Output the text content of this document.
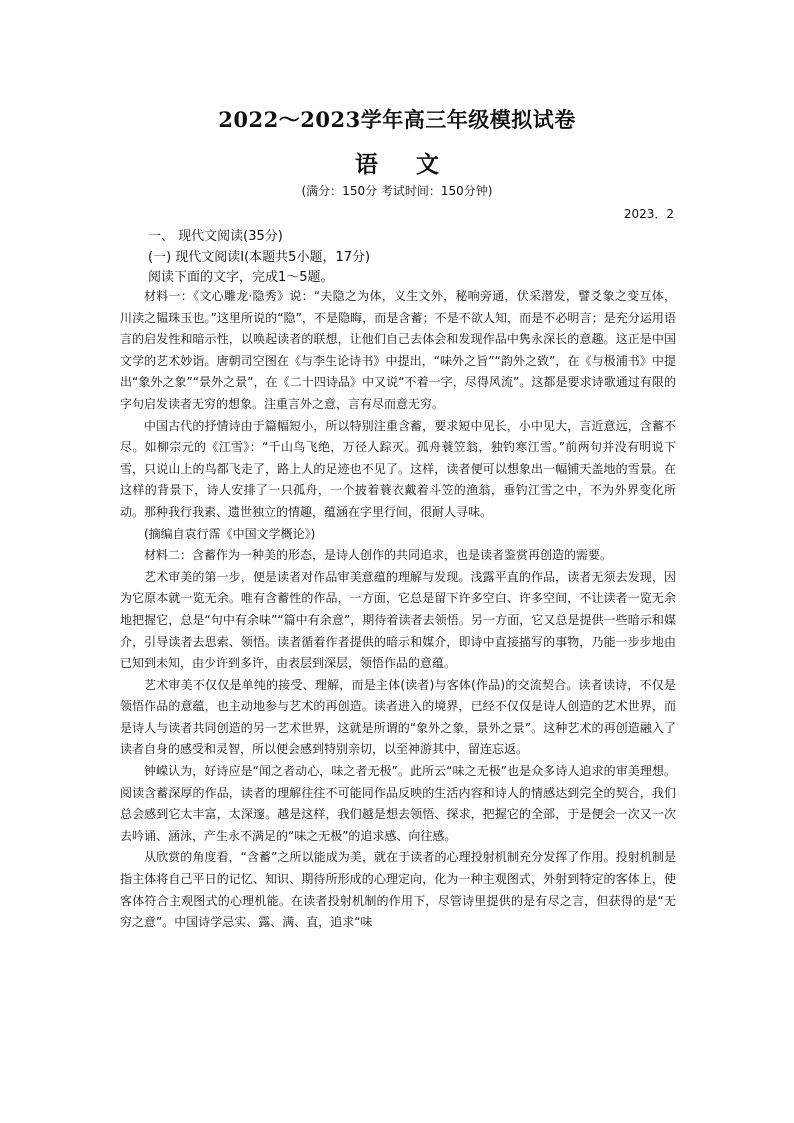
2022～2023学年高三年级模拟试卷
语 文
(满分：150分 考试时间：150分钟)
2023．2
一、 现代文阅读(35分)
(一) 现代文阅读Ⅰ(本题共5小题，17分)
阅读下面的文字，完成1～5题。

材料一：《文心雕龙·隐秀》说：“夫隐之为体，义生文外，秘响旁通，伏采潜发，譬爻象之变互体，川渎之韫珠玉也。”这里所说的“隐”，不是隐晦，而是含蓄；不是不欲人知，而是不必明言；是充分运用语言的启发性和暗示性，以唤起读者的联想，让他们自己去体会和发现作品中隽永深长的意趣。这正是中国文学的艺术妙诣。唐朝司空图在《与李生论诗书》中提出，“味外之旨”“韵外之致”，在《与极浦书》中提出“象外之象”“景外之景”，在《二十四诗品》中又说“不着一字，尽得风流”。这都是要求诗歌通过有限的字句启发读者无穷的想象。注重言外之意，言有尽而意无穷。

中国古代的抒情诗由于篇幅短小，所以特别注重含蓄，要求短中见长，小中见大，言近意远，含蓄不尽。如柳宗元的《江雪》：“千山鸟飞绝，万径人踪灭。孤舟蓑笠翁，独钓寒江雪。”前两句并没有明说下雪，只说山上的鸟都飞走了，路上人的足迹也不见了。这样，读者便可以想象出一幅铺天盖地的雪景。在这样的背景下，诗人安排了一只孤舟，一个披着蓑衣戴着斗笠的渔翁，垂钓江雪之中，不为外界变化所动。那种我行我素、遗世独立的情趣，蕴涵在字里行间，很耐人寻味。

(摘编自袁行霈《中国文学概论》)

材料二：含蓄作为一种美的形态，是诗人创作的共同追求，也是读者鉴赏再创造的需要。

艺术审美的第一步，便是读者对作品审美意蕴的理解与发现。浅露平直的作品，读者无须去发现，因为它原本就一览无余。唯有含蓄性的作品，一方面，它总是留下许多空白、许多空间，不让读者一览无余地把握它，总是“句中有余味”“篇中有余意”，期待着读者去领悟。另一方面，它又总是提供一些暗示和媒介，引导读者去思索、领悟。读者循着作者提供的暗示和媒介，即诗中直接描写的事物，乃能一步步地由已知到未知，由少许到多许，由表层到深层，领悟作品的意蕴。

艺术审美不仅仅是单纯的接受、理解，而是主体(读者)与客体(作品)的交流契合。读者读诗，不仅是领悟作品的意蕴，也主动地参与艺术的再创造。读者进入的境界，已经不仅仅是诗人创造的艺术世界，而是诗人与读者共同创造的另一艺术世界，这就是所谓的“象外之象，景外之景”。这种艺术的再创造融入了读者自身的感受和灵智，所以便会感到特别亲切，以至神游其中，留连忘返。

钟嵘认为，好诗应是“闻之者动心，味之者无极”。此所云“味之无极”也是众多诗人追求的审美理想。阅读含蓄深厚的作品，读者的理解往往不可能同作品反映的生活内容和诗人的情感达到完全的契合，我们总会感到它太丰富，太深邃。越是这样，我们越是想去领悟、探求，把握它的全部，于是便会一次又一次去吟诵、涵泳，产生永不满足的“味之无极”的追求感、向往感。

从欣赏的角度看，“含蓄”之所以能成为美，就在于读者的心理投射机制充分发挥了作用。投射机制是指主体将自己平日的记忆、知识、期待所形成的心理定向，化为一种主观图式，外射到特定的客体上，使客体符合主观图式的心理机能。在读者投射机制的作用下，尽管诗里提供的是有尽之言，但获得的是“无穷之意”。中国诗学忌实、露、满、直，追求“味
